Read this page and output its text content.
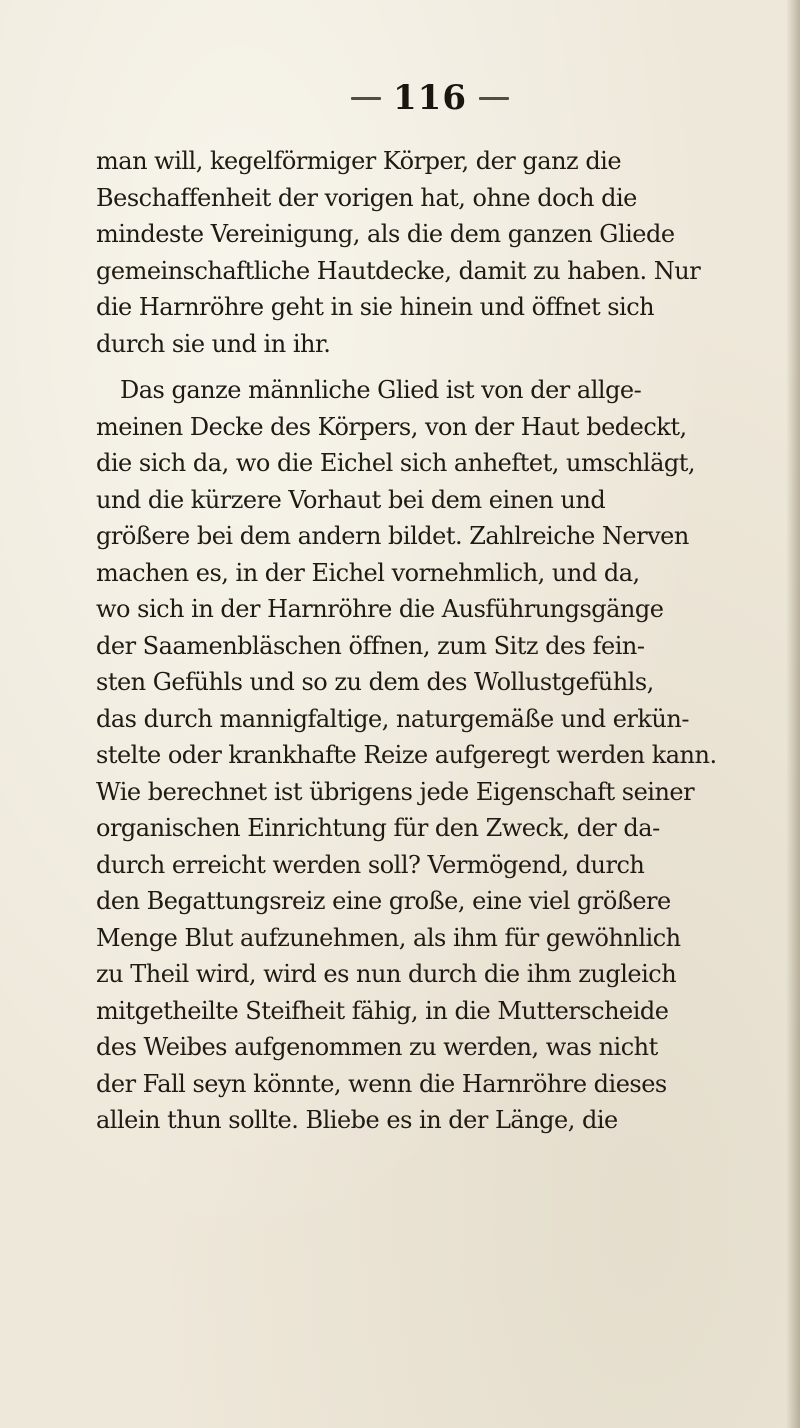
116
man will, kegelförmiger Körper, der ganz die
Beschaffenheit der vorigen hat, ohne doch die
mindeste Vereinigung, als die dem ganzen Gliede
gemeinschaftliche Hautdecke, damit zu haben. Nur
die Harnröhre geht in sie hinein und öffnet sich
durch sie und in ihr.
Das ganze männliche Glied ist von der allge-
meinen Decke des Körpers, von der Haut bedeckt,
die sich da, wo die Eichel sich anheftet, umschlägt,
und die kürzere Vorhaut bei dem einen und
größere bei dem andern bildet. Zahlreiche Nerven
machen es, in der Eichel vornehmlich, und da,
wo sich in der Harnröhre die Ausführungsgänge
der Saamenbläschen öffnen, zum Sitz des fein-
sten Gefühls und so zu dem des Wollustgefühls,
das durch mannigfaltige, naturgemäße und erkün-
stelte oder krankhafte Reize aufgeregt werden kann.
Wie berechnet ist übrigens jede Eigenschaft seiner
organischen Einrichtung für den Zweck, der da-
durch erreicht werden soll? Vermögend, durch
den Begattungsreiz eine große, eine viel größere
Menge Blut aufzunehmen, als ihm für gewöhnlich
zu Theil wird, wird es nun durch die ihm zugleich
mitgetheilte Steifheit fähig, in die Mutterscheide
des Weibes aufgenommen zu werden, was nicht
der Fall seyn könnte, wenn die Harnröhre dieses
allein thun sollte. Bliebe es in der Länge, die
